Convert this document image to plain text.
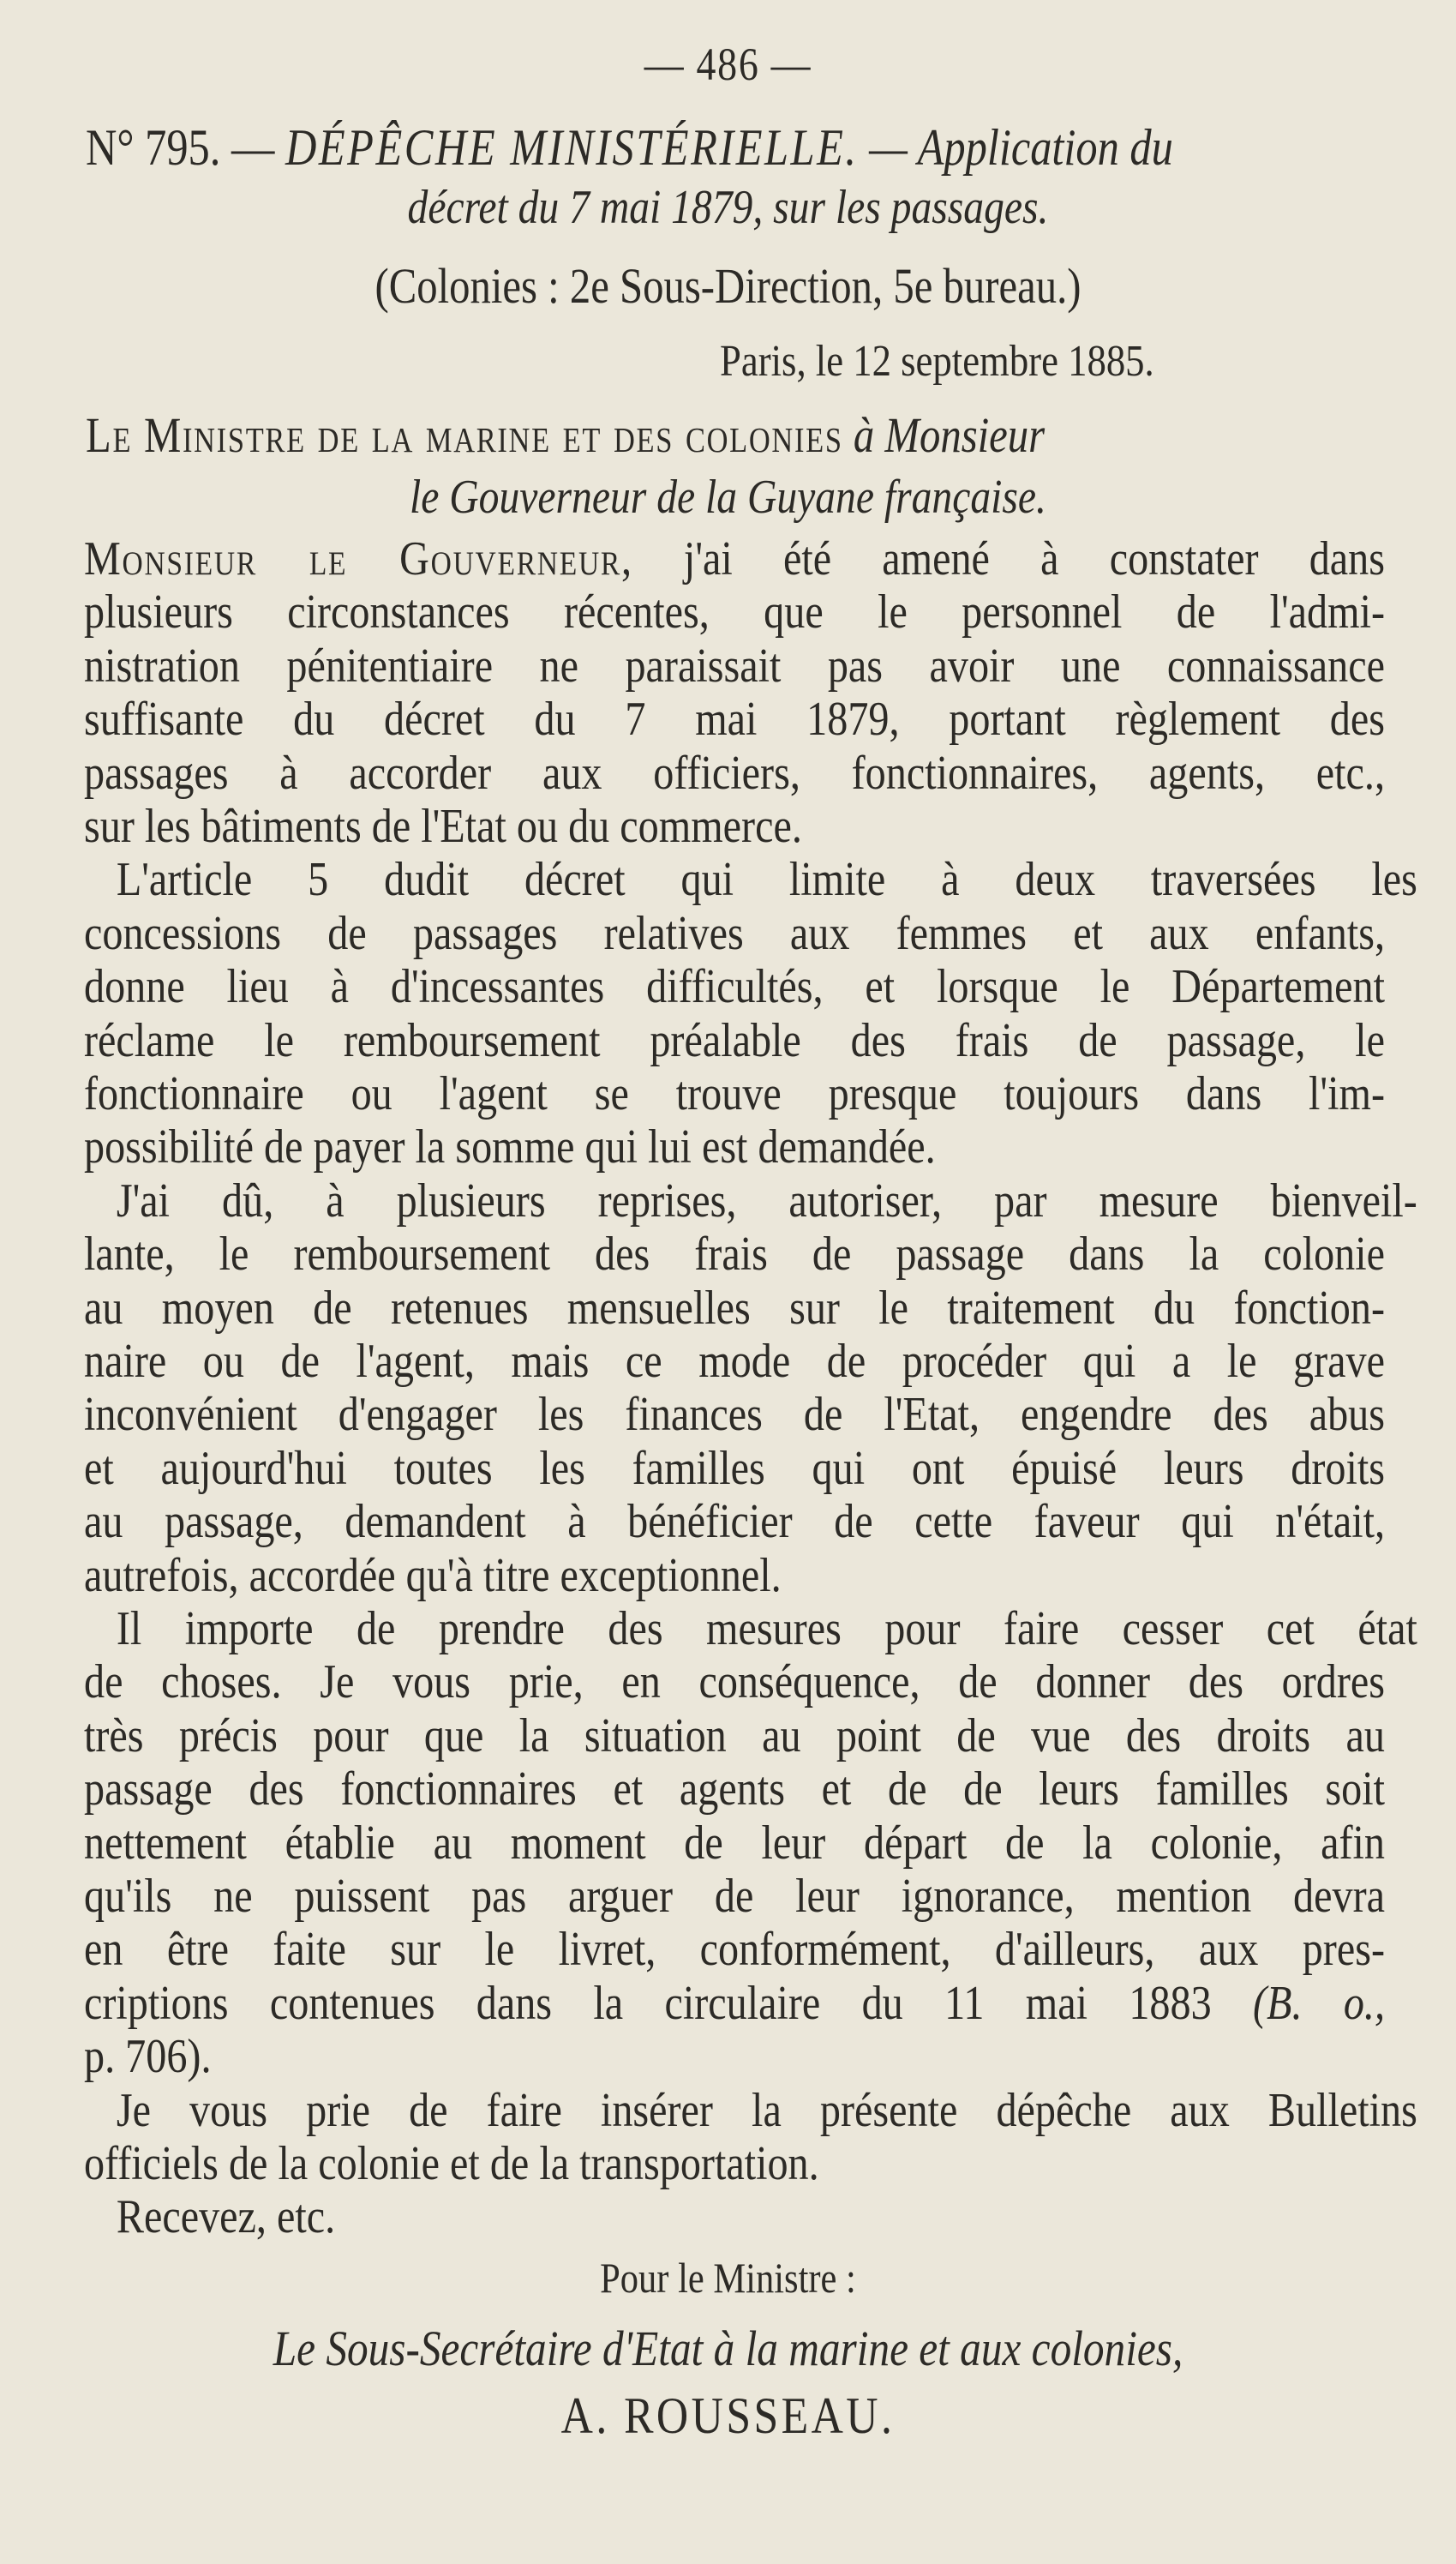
— 486 —
N° 795. — DÉPÊCHE MINISTÉRIELLE. — Application du
décret du 7 mai 1879, sur les passages.
(Colonies : 2e Sous-Direction, 5e bureau.)
Paris, le 12 septembre 1885.
Le Ministre de la marine et des colonies à Monsieur
le Gouverneur de la Guyane française.
Monsieur le Gouverneur, j'ai été amené à constater dans
plusieurs circonstances récentes, que le personnel de l'admi-
nistration pénitentiaire ne paraissait pas avoir une connaissance
suffisante du décret du 7 mai 1879, portant règlement des
passages à accorder aux officiers, fonctionnaires, agents, etc.,
sur les bâtiments de l'Etat ou du commerce.
L'article 5 dudit décret qui limite à deux traversées les
concessions de passages relatives aux femmes et aux enfants,
donne lieu à d'incessantes difficultés, et lorsque le Département
réclame le remboursement préalable des frais de passage, le
fonctionnaire ou l'agent se trouve presque toujours dans l'im-
possibilité de payer la somme qui lui est demandée.
J'ai dû, à plusieurs reprises, autoriser, par mesure bienveil-
lante, le remboursement des frais de passage dans la colonie
au moyen de retenues mensuelles sur le traitement du fonction-
naire ou de l'agent, mais ce mode de procéder qui a le grave
inconvénient d'engager les finances de l'Etat, engendre des abus
et aujourd'hui toutes les familles qui ont épuisé leurs droits
au passage, demandent à bénéficier de cette faveur qui n'était,
autrefois, accordée qu'à titre exceptionnel.
Il importe de prendre des mesures pour faire cesser cet état
de choses. Je vous prie, en conséquence, de donner des ordres
très précis pour que la situation au point de vue des droits au
passage des fonctionnaires et agents et de de leurs familles soit
nettement établie au moment de leur départ de la colonie, afin
qu'ils ne puissent pas arguer de leur ignorance, mention devra
en être faite sur le livret, conformément, d'ailleurs, aux pres-
criptions contenues dans la circulaire du 11 mai 1883 (B. o.,
p. 706).
Je vous prie de faire insérer la présente dépêche aux Bulletins
officiels de la colonie et de la transportation.
Recevez, etc.
Pour le Ministre :
Le Sous-Secrétaire d'Etat à la marine et aux colonies,
A. ROUSSEAU.
